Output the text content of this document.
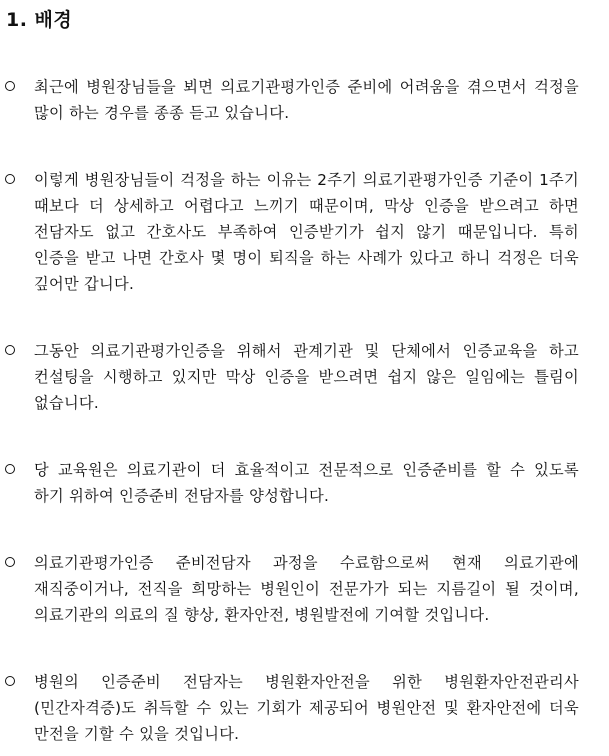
1. 배경
최근에 병원장님들을 뵈면 의료기관평가인증 준비에 어려움을 겪으면서 걱정을 많이 하는 경우를 종종 듣고 있습니다.
이렇게 병원장님들이 걱정을 하는 이유는 2주기 의료기관평가인증 기준이 1주기 때보다 더 상세하고 어렵다고 느끼기 때문이며, 막상 인증을 받으려고 하면 전담자도 없고 간호사도 부족하여 인증받기가 쉽지 않기 때문입니다. 특히 인증을 받고 나면 간호사 몇 명이 퇴직을 하는 사례가 있다고 하니 걱정은 더욱 깊어만 갑니다.
그동안 의료기관평가인증을 위해서 관계기관 및 단체에서 인증교육을 하고 컨설팅을 시행하고 있지만 막상 인증을 받으려면 쉽지 않은 일임에는 틀림이 없습니다.
당 교육원은 의료기관이 더 효율적이고 전문적으로 인증준비를 할 수 있도록 하기 위하여 인증준비 전담자를 양성합니다.
의료기관평가인증 준비전담자 과정을 수료함으로써 현재 의료기관에 재직중이거나, 전직을 희망하는 병원인이 전문가가 되는 지름길이 될 것이며, 의료기관의 의료의 질 향상, 환자안전, 병원발전에 기여할 것입니다.
병원의 인증준비 전담자는 병원환자안전을 위한 병원환자안전관리사(민간자격증)도 취득할 수 있는 기회가 제공되어 병원안전 및 환자안전에 더욱 만전을 기할 수 있을 것입니다.
